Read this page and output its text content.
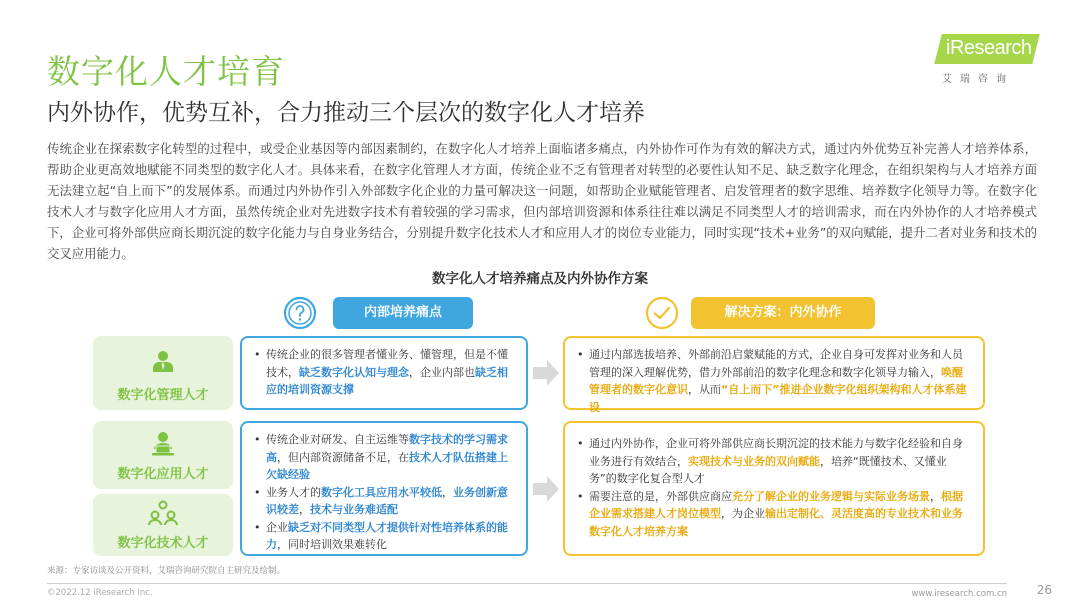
数字化人才培育
内外协作，优势互补，合力推动三个层次的数字化人才培养
iResearch
艾瑞咨询
传统企业在探索数字化转型的过程中，或受企业基因等内部因素制约，在数字化人才培养上面临诸多痛点，内外协作可作为有效的解决方式，通过内外优势互补完善人才培养体系，帮助企业更高效地赋能不同类型的数字化人才。具体来看，在数字化管理人才方面，传统企业不乏有管理者对转型的必要性认知不足、缺乏数字化理念，在组织架构与人才培养方面无法建立起“自上而下”的发展体系。而通过内外协作引入外部数字化企业的力量可解决这一问题，如帮助企业赋能管理者、启发管理者的数字思维、培养数字化领导力等。在数字化技术人才与数字化应用人才方面，虽然传统企业对先进数字技术有着较强的学习需求，但内部培训资源和体系往往难以满足不同类型人才的培训需求，而在内外协作的人才培养模式下，企业可将外部供应商长期沉淀的数字化能力与自身业务结合，分别提升数字化技术人才和应用人才的岗位专业能力，同时实现“技术+业务”的双向赋能，提升二者对业务和技术的交叉应用能力。
数字化人才培养痛点及内外协作方案
内部培养痛点	解决方案：内外协作
数字化管理人才
数字化应用人才
数字化技术人才
• 传统企业的很多管理者懂业务、懂管理，但是不懂技术，缺乏数字化认知与理念，企业内部也缺乏相应的培训资源支撑
• 传统企业对研发、自主运维等数字技术的学习需求高，但内部资源储备不足，在技术人才队伍搭建上欠缺经验
• 业务人才的数字化工具应用水平较低，业务创新意识较差，技术与业务难适配
• 企业缺乏对不同类型人才提供针对性培养体系的能力，同时培训效果难转化
• 通过内部选拔培养、外部前沿启蒙赋能的方式，企业自身可发挥对业务和人员管理的深入理解优势，借力外部前沿的数字化理念和数字化领导力输入，唤醒管理者的数字化意识，从而“自上而下”推进企业数字化组织架构和人才体系建设
• 通过内外协作，企业可将外部供应商长期沉淀的技术能力与数字化经验和自身业务进行有效结合，实现技术与业务的双向赋能，培养“既懂技术、又懂业务”的数字化复合型人才
• 需要注意的是，外部供应商应充分了解企业的业务逻辑与实际业务场景，根据企业需求搭建人才岗位模型，为企业输出定制化、灵活度高的专业技术和业务数字化人才培养方案
来源：专家访谈及公开资料，艾瑞咨询研究院自主研究及绘制。
©2022.12 iResearch Inc.	www.iresearch.com.cn 26
